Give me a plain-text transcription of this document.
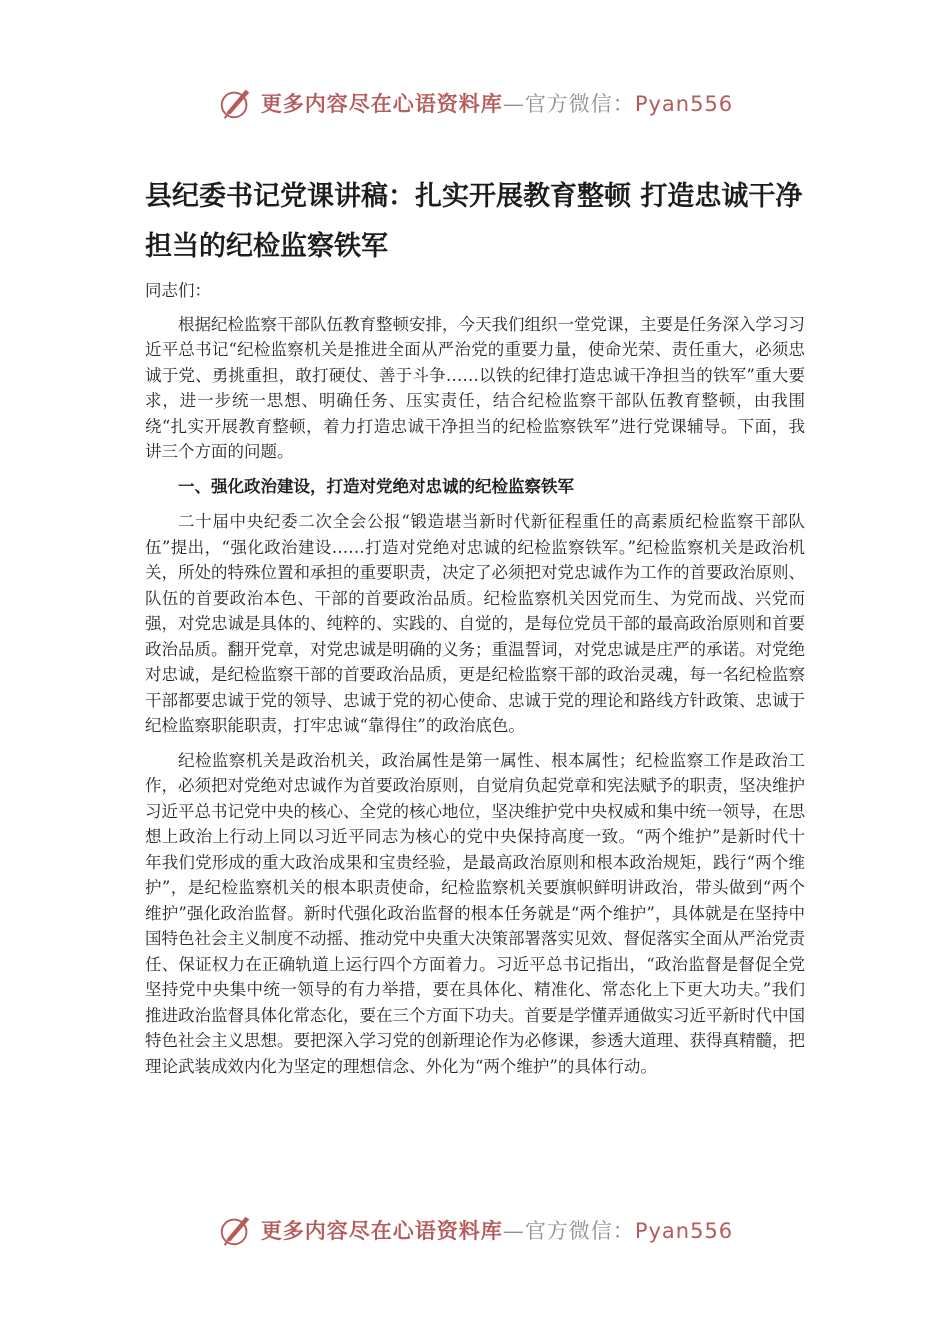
更多内容尽在心语资料库—官方微信：Pyan556
县纪委书记党课讲稿：扎实开展教育整顿 打造忠诚干净担当的纪检监察铁军

同志们：

根据纪检监察干部队伍教育整顿安排，今天我们组织一堂党课，主要是任务深入学习习近平总书记“纪检监察机关是推进全面从严治党的重要力量，使命光荣、责任重大，必须忠诚于党、勇挑重担，敢打硬仗、善于斗争……以铁的纪律打造忠诚干净担当的铁军”重大要求，进一步统一思想、明确任务、压实责任，结合纪检监察干部队伍教育整顿，由我围绕“扎实开展教育整顿，着力打造忠诚干净担当的纪检监察铁军”进行党课辅导。下面，我讲三个方面的问题。

一、强化政治建设，打造对党绝对忠诚的纪检监察铁军

二十届中央纪委二次全会公报“锻造堪当新时代新征程重任的高素质纪检监察干部队伍”提出，“强化政治建设……打造对党绝对忠诚的纪检监察铁军。”纪检监察机关是政治机关，所处的特殊位置和承担的重要职责，决定了必须把对党忠诚作为工作的首要政治原则、队伍的首要政治本色、干部的首要政治品质。纪检监察机关因党而生、为党而战、兴党而强，对党忠诚是具体的、纯粹的、实践的、自觉的，是每位党员干部的最高政治原则和首要政治品质。翻开党章，对党忠诚是明确的义务；重温誓词，对党忠诚是庄严的承诺。对党绝对忠诚，是纪检监察干部的首要政治品质，更是纪检监察干部的政治灵魂，每一名纪检监察干部都要忠诚于党的领导、忠诚于党的初心使命、忠诚于党的理论和路线方针政策、忠诚于纪检监察职能职责，打牢忠诚“靠得住”的政治底色。

纪检监察机关是政治机关，政治属性是第一属性、根本属性；纪检监察工作是政治工作，必须把对党绝对忠诚作为首要政治原则，自觉肩负起党章和宪法赋予的职责，坚决维护习近平总书记党中央的核心、全党的核心地位，坚决维护党中央权威和集中统一领导，在思想上政治上行动上同以习近平同志为核心的党中央保持高度一致。“两个维护”是新时代十年我们党形成的重大政治成果和宝贵经验，是最高政治原则和根本政治规矩，践行“两个维护”，是纪检监察机关的根本职责使命，纪检监察机关要旗帜鲜明讲政治，带头做到“两个维护”强化政治监督。新时代强化政治监督的根本任务就是“两个维护”，具体就是在坚持中国特色社会主义制度不动摇、推动党中央重大决策部署落实见效、督促落实全面从严治党责任、保证权力在正确轨道上运行四个方面着力。习近平总书记指出，“政治监督是督促全党坚持党中央集中统一领导的有力举措，要在具体化、精准化、常态化上下更大功夫。”我们推进政治监督具体化常态化，要在三个方面下功夫。首要是学懂弄通做实习近平新时代中国特色社会主义思想。要把深入学习党的创新理论作为必修课，参透大道理、获得真精髓，把理论武装成效内化为坚定的理想信念、外化为“两个维护”的具体行动。

更多内容尽在心语资料库—官方微信：Pyan556
